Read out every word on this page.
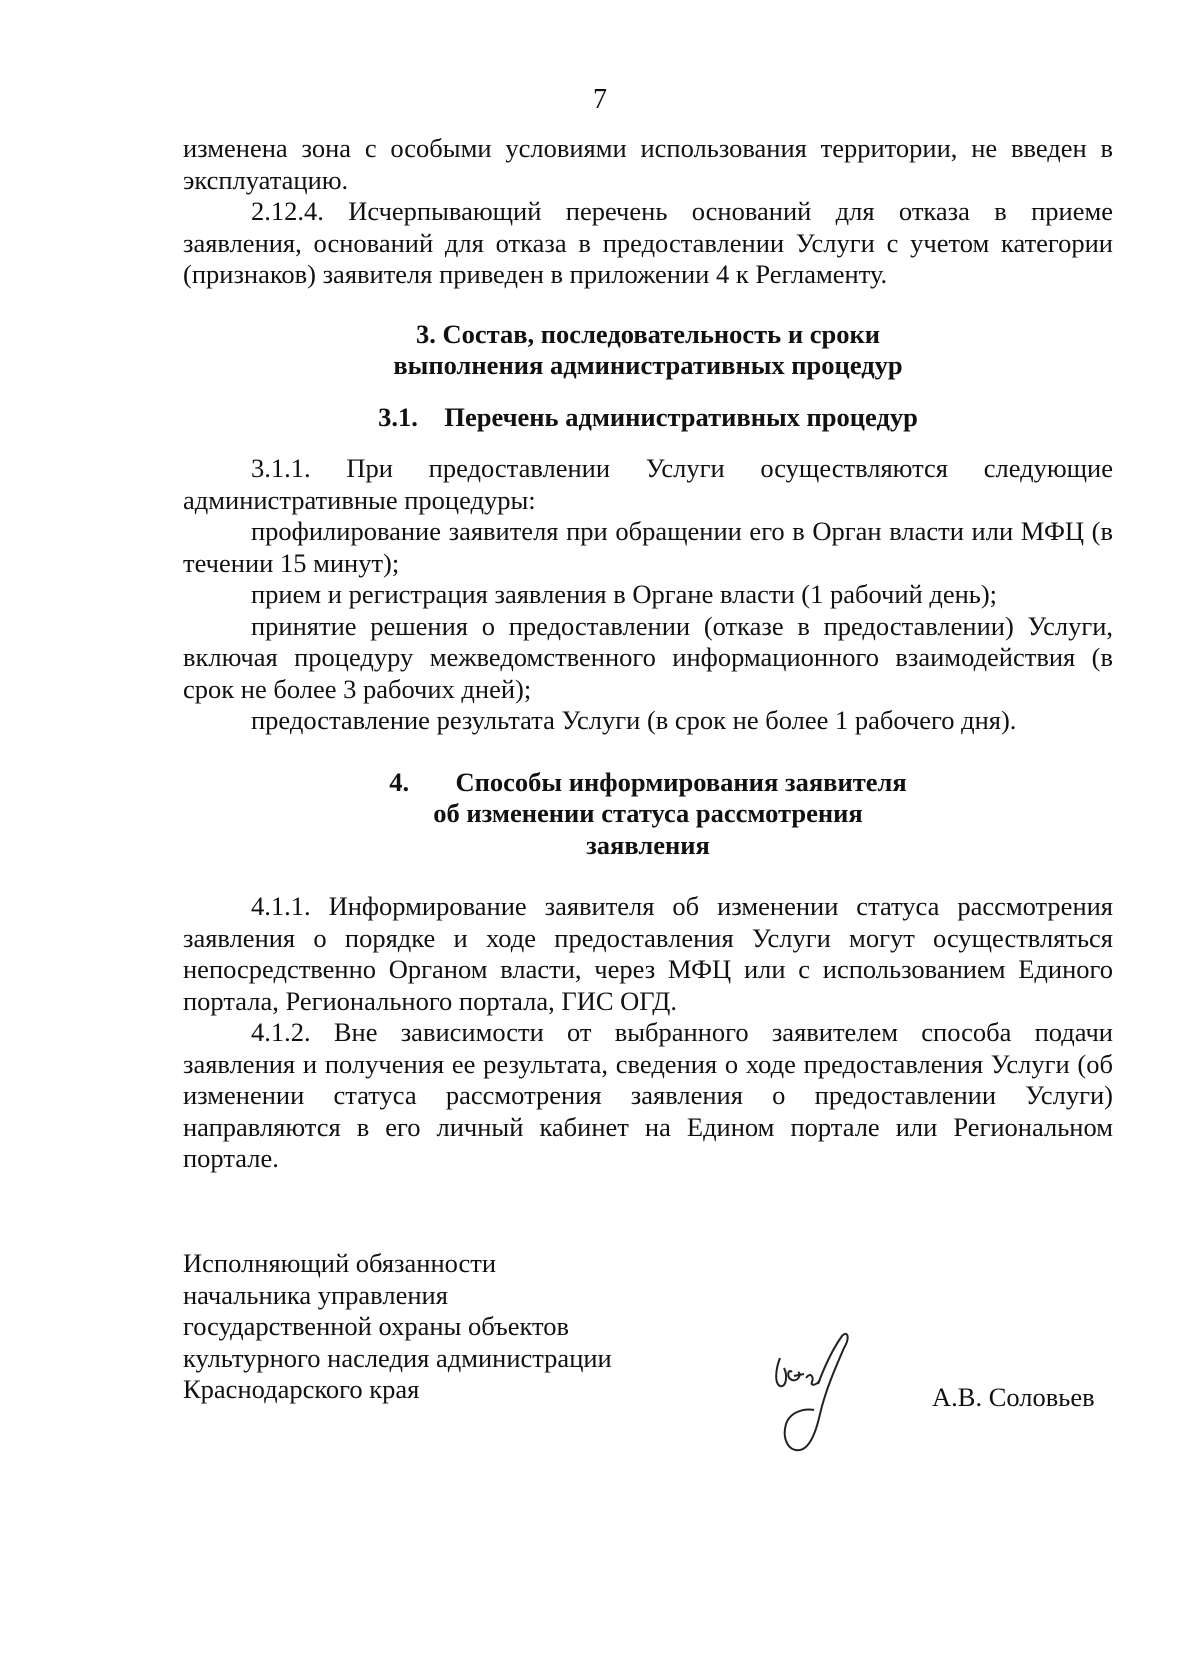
7

изменена зона с особыми условиями использования территории, не введен в эксплуатацию.

2.12.4. Исчерпывающий перечень оснований для отказа в приеме заявления, оснований для отказа в предоставлении Услуги с учетом категории (признаков) заявителя приведен в приложении 4 к Регламенту.

3. Состав, последовательность и сроки

выполнения административных процедур

3.1. Перечень административных процедур

3.1.1. При предоставлении Услуги осуществляются следующие административные процедуры:

профилирование заявителя при обращении его в Орган власти или МФЦ (в течении 15 минут);

прием и регистрация заявления в Органе власти (1 рабочий день);

принятие решения о предоставлении (отказе в предоставлении) Услуги, включая процедуру межведомственного информационного взаимодействия (в срок не более 3 рабочих дней);

предоставление результата Услуги (в срок не более 1 рабочего дня).

4. Способы информирования заявителя

об изменении статуса рассмотрения

заявления

4.1.1. Информирование заявителя об изменении статуса рассмотрения заявления о порядке и ходе предоставления Услуги могут осуществляться непосредственно Органом власти, через МФЦ или с использованием Единого портала, Регионального портала, ГИС ОГД.

4.1.2. Вне зависимости от выбранного заявителем способа подачи заявления и получения ее результата, сведения о ходе предоставления Услуги (об изменении статуса рассмотрения заявления о предоставлении Услуги) направляются в его личный кабинет на Едином портале или Региональном портале.

Исполняющий обязанности
начальника управления
государственной охраны объектов
культурного наследия администрации
Краснодарского края	А.В. Соловьев
